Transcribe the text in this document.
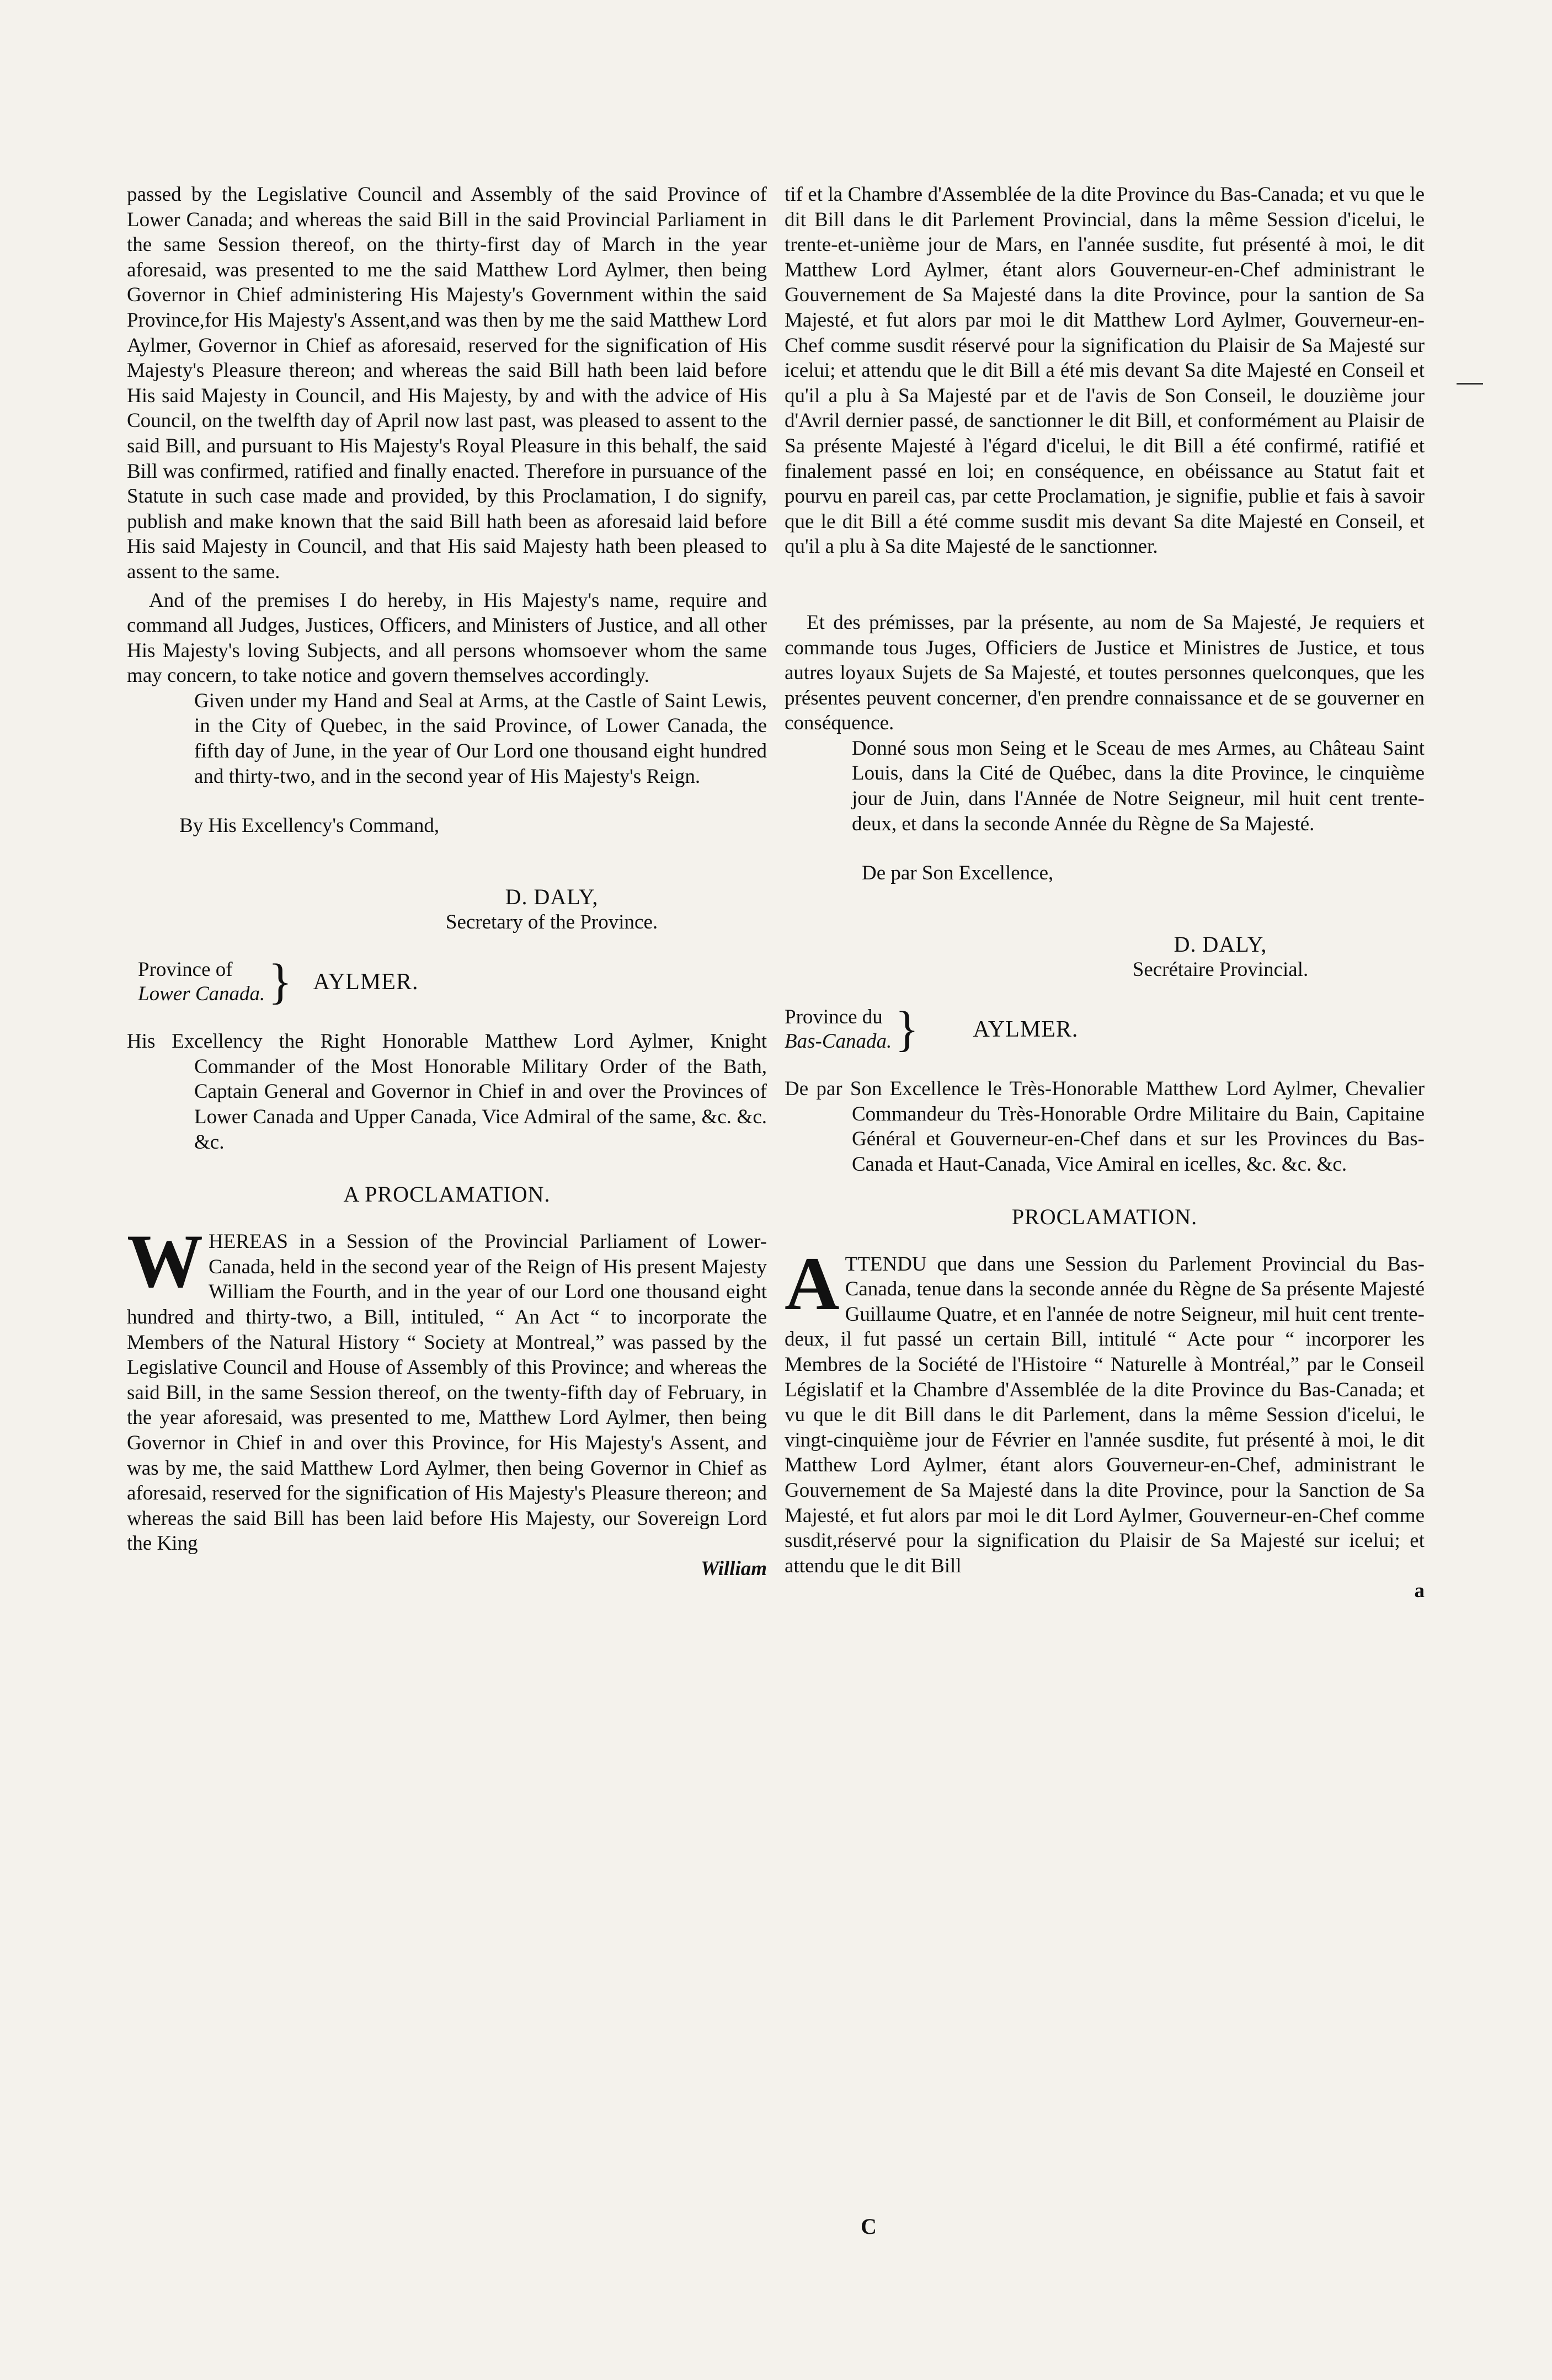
passed by the Legislative Council and Assembly of the said Province of Lower Canada; and whereas the said Bill in the said Provincial Parliament in the same Session thereof, on the thirty-first day of March in the year aforesaid, was presented to me the said Matthew Lord Aylmer, then being Governor in Chief administering His Majesty's Government within the said Province,for His Majesty's Assent,and was then by me the said Matthew Lord Aylmer, Governor in Chief as aforesaid, reserved for the signification of His Majesty's Pleasure thereon; and whereas the said Bill hath been laid before His said Majesty in Council, and His Majesty, by and with the advice of His Council, on the twelfth day of April now last past, was pleased to assent to the said Bill, and pursuant to His Majesty's Royal Pleasure in this behalf, the said Bill was confirmed, ratified and finally enacted. Therefore in pursuance of the Statute in such case made and provided, by this Proclamation, I do signify, publish and make known that the said Bill hath been as aforesaid laid before His said Majesty in Council, and that His said Majesty hath been pleased to assent to the same.

And of the premises I do hereby, in His Majesty's name, require and command all Judges, Justices, Officers, and Ministers of Justice, and all other His Majesty's loving Subjects, and all persons whomsoever whom the same may concern, to take notice and govern themselves accordingly.

Given under my Hand and Seal at Arms, at the Castle of Saint Lewis, in the City of Quebec, in the said Province, of Lower Canada, the fifth day of June, in the year of Our Lord one thousand eight hundred and thirty-two, and in the second year of His Majesty's Reign.

By His Excellency's Command,

D. DALY,
Secretary of the Province.
Province of
Lower Canada. } AYLMER.

His Excellency the Right Honorable Matthew Lord Aylmer, Knight Commander of the Most Honorable Military Order of the Bath, Captain General and Governor in Chief in and over the Provinces of Lower Canada and Upper Canada, Vice Admiral of the same, &c. &c. &c.

A PROCLAMATION.

W HEREAS in a Session of the Provincial Parliament of Lower-Canada, held in the second year of the Reign of His present Majesty William the Fourth, and in the year of our Lord one thousand eight hundred and thirty-two, a Bill, intituled, “ An Act “ to incorporate the Members of the Natural History “ Society at Montreal,” was passed by the Legislative Council and House of Assembly of this Province; and whereas the said Bill, in the same Session thereof, on the twenty-fifth day of February, in the year aforesaid, was presented to me, Matthew Lord Aylmer, then being Governor in Chief in and over this Province, for His Majesty's Assent, and was by me, the said Matthew Lord Aylmer, then being Governor in Chief as aforesaid, reserved for the signification of His Majesty's Pleasure thereon; and whereas the said Bill has been laid before His Majesty, our Sovereign Lord the King

William

tif et la Chambre d'Assemblée de la dite Province du Bas-Canada; et vu que le dit Bill dans le dit Parlement Provincial, dans la même Session d'icelui, le trente-et-unième jour de Mars, en l'année susdite, fut présenté à moi, le dit Matthew Lord Aylmer, étant alors Gouverneur-en-Chef administrant le Gouvernement de Sa Majesté dans la dite Province, pour la santion de Sa Majesté, et fut alors par moi le dit Matthew Lord Aylmer, Gouverneur-en-Chef comme susdit réservé pour la signification du Plaisir de Sa Majesté sur icelui; et attendu que le dit Bill a été mis devant Sa dite Majesté en Conseil et qu'il a plu à Sa Majesté par et de l'avis de Son Conseil, le douzième jour d'Avril dernier passé, de sanctionner le dit Bill, et conformément au Plaisir de Sa présente Majesté à l'égard d'icelui, le dit Bill a été confirmé, ratifié et finalement passé en loi; en conséquence, en obéissance au Statut fait et pourvu en pareil cas, par cette Proclamation, je signifie, publie et fais à savoir que le dit Bill a été comme susdit mis devant Sa dite Majesté en Conseil, et qu'il a plu à Sa dite Majesté de le sanctionner.

Et des prémisses, par la présente, au nom de Sa Majesté, Je requiers et commande tous Juges, Officiers de Justice et Ministres de Justice, et tous autres loyaux Sujets de Sa Majesté, et toutes personnes quelconques, que les présentes peuvent concerner, d'en prendre connaissance et de se gouverner en conséquence.

Donné sous mon Seing et le Sceau de mes Armes, au Château Saint Louis, dans la Cité de Québec, dans la dite Province, le cinquième jour de Juin, dans l'Année de Notre Seigneur, mil huit cent trente-deux, et dans la seconde Année du Règne de Sa Majesté.

De par Son Excellence,

D. DALY,
Secrétaire Provincial.
Province du
Bas-Canada. } AYLMER.

De par Son Excellence le Très-Honorable Matthew Lord Aylmer, Chevalier Commandeur du Très-Honorable Ordre Militaire du Bain, Capitaine Général et Gouverneur-en-Chef dans et sur les Provinces du Bas-Canada et Haut-Canada, Vice Amiral en icelles, &c. &c. &c.

PROCLAMATION.

A TTENDU que dans une Session du Parlement Provincial du Bas-Canada, tenue dans la seconde année du Règne de Sa présente Majesté Guillaume Quatre, et en l'année de notre Seigneur, mil huit cent trente-deux, il fut passé un certain Bill, intitulé “ Acte pour “ incorporer les Membres de la Société de l'Histoire “ Naturelle à Montréal,” par le Conseil Législatif et la Chambre d'Assemblée de la dite Province du Bas-Canada; et vu que le dit Bill dans le dit Parlement, dans la même Session d'icelui, le vingt-cinquième jour de Février en l'année susdite, fut présenté à moi, le dit Matthew Lord Aylmer, étant alors Gouverneur-en-Chef, administrant le Gouvernement de Sa Majesté dans la dite Province, pour la Sanction de Sa Majesté, et fut alors par moi le dit Lord Aylmer, Gouverneur-en-Chef comme susdit,réservé pour la signification du Plaisir de Sa Majesté sur icelui; et attendu que le dit Bill

a

C
